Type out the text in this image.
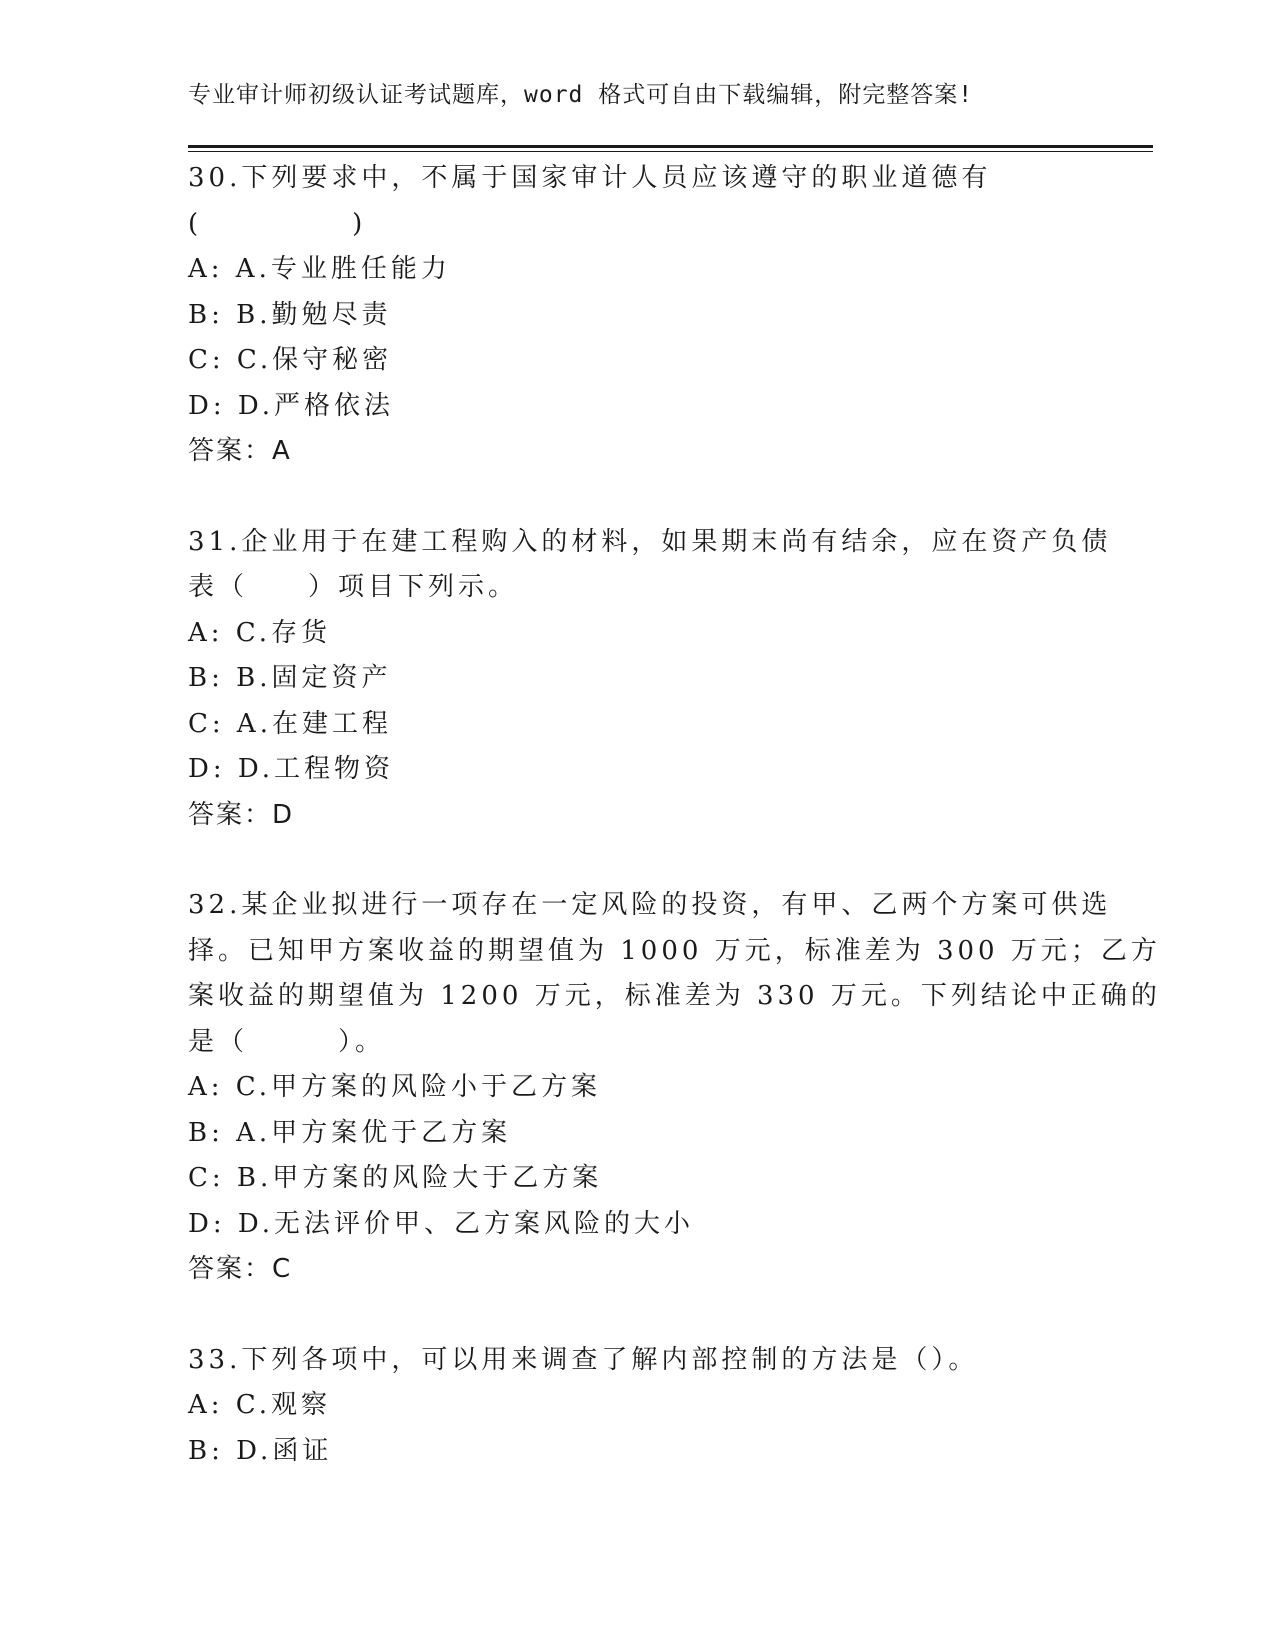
专业审计师初级认证考试题库，word 格式可自由下载编辑，附完整答案!
30.下列要求中，不属于国家审计人员应该遵守的职业道德有
(　　　　　)
A: A.专业胜任能力
B: B.勤勉尽责
C: C.保守秘密
D: D.严格依法
答案：A
31.企业用于在建工程购入的材料，如果期末尚有结余，应在资产负债
表（　　）项目下列示。
A: C.存货
B: B.固定资产
C: A.在建工程
D: D.工程物资
答案：D
32.某企业拟进行一项存在一定风险的投资，有甲、乙两个方案可供选
择。已知甲方案收益的期望值为 1000 万元，标准差为 300 万元；乙方
案收益的期望值为 1200 万元，标准差为 330 万元。下列结论中正确的
是（　　　）。
A: C.甲方案的风险小于乙方案
B: A.甲方案优于乙方案
C: B.甲方案的风险大于乙方案
D: D.无法评价甲、乙方案风险的大小
答案：C
33.下列各项中，可以用来调查了解内部控制的方法是（）。
A: C.观察
B: D.函证
